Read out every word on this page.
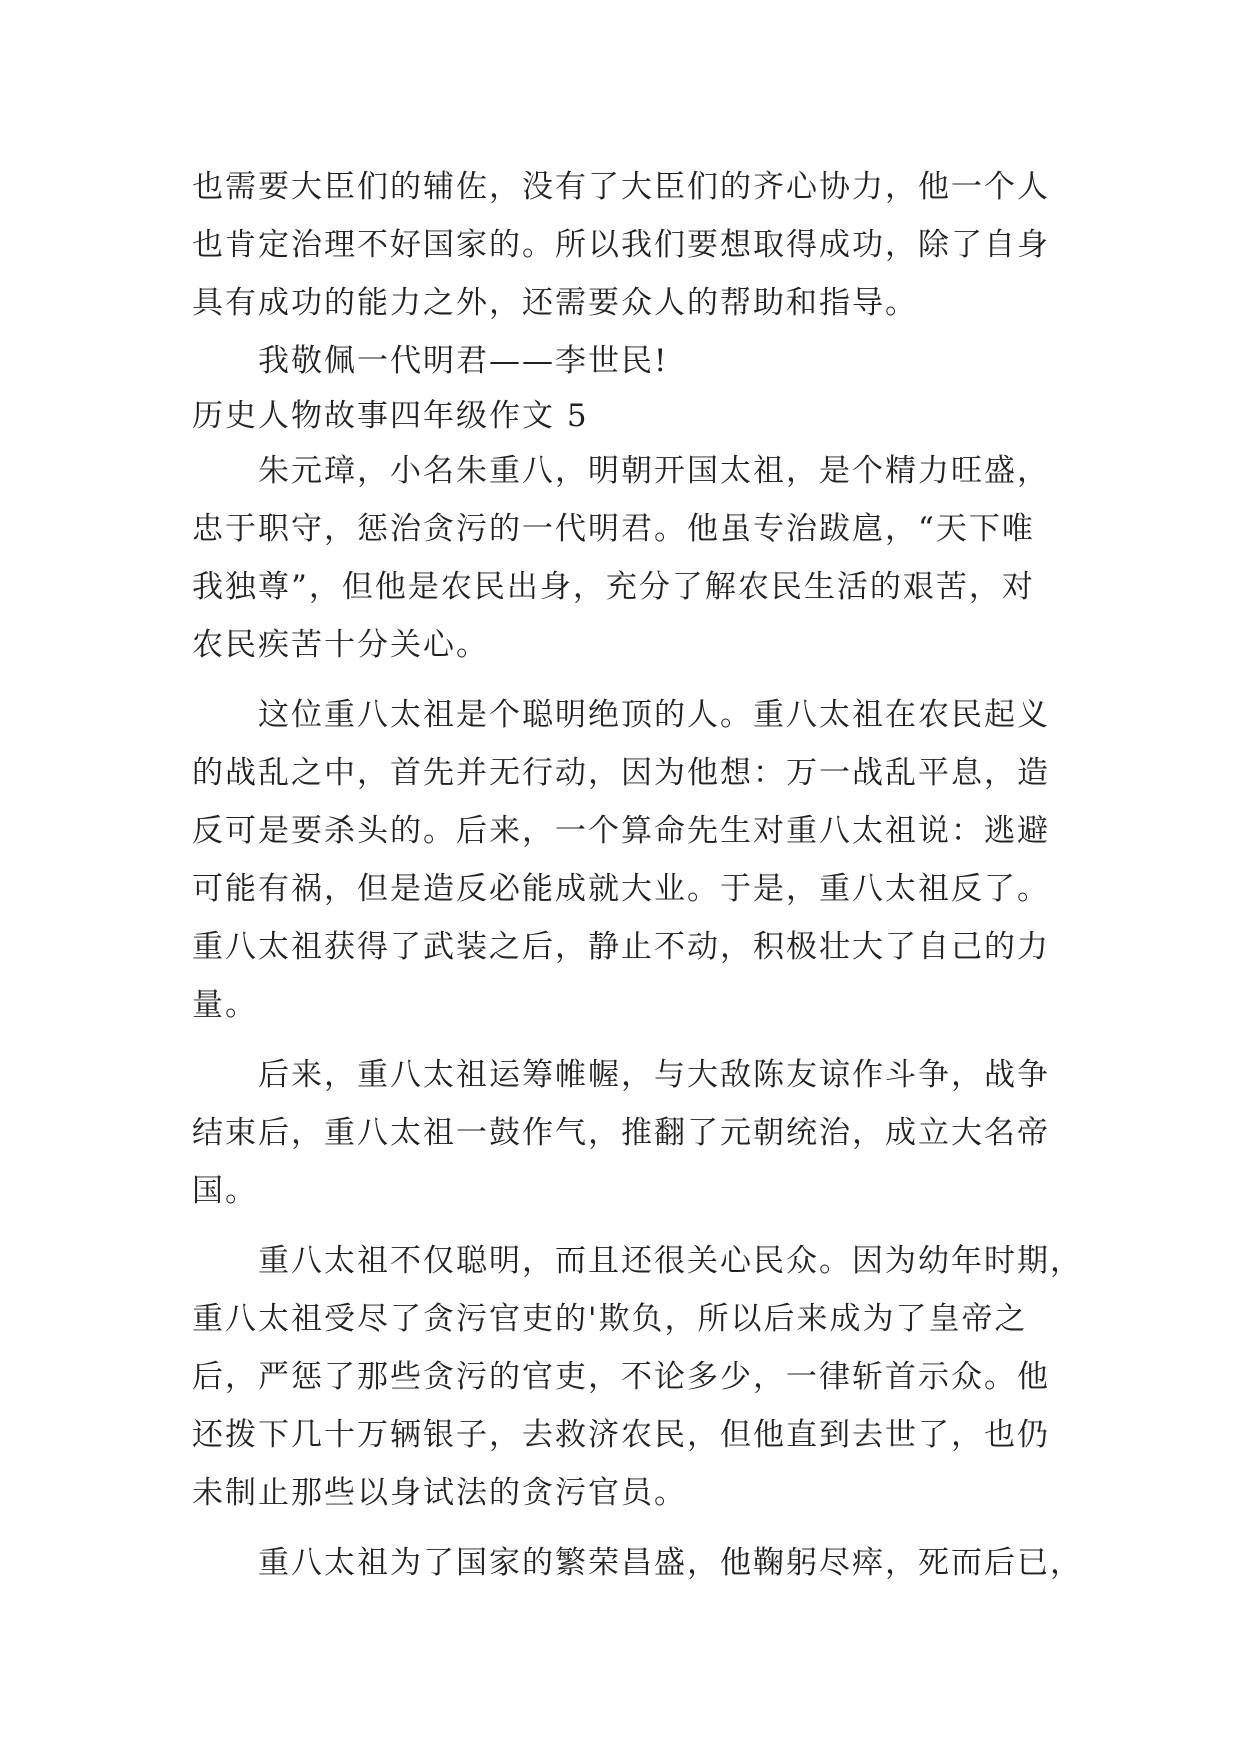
也需要大臣们的辅佐，没有了大臣们的齐心协力，他一个人
也肯定治理不好国家的。所以我们要想取得成功，除了自身
具有成功的能力之外，还需要众人的帮助和指导。
我敬佩一代明君——李世民!
历史人物故事四年级作文 5
朱元璋，小名朱重八，明朝开国太祖，是个精力旺盛，
忠于职守，惩治贪污的一代明君。他虽专治跋扈，“天下唯
我独尊”，但他是农民出身，充分了解农民生活的艰苦，对
农民疾苦十分关心。
这位重八太祖是个聪明绝顶的人。重八太祖在农民起义
的战乱之中，首先并无行动，因为他想：万一战乱平息，造
反可是要杀头的。后来，一个算命先生对重八太祖说：逃避
可能有祸，但是造反必能成就大业。于是，重八太祖反了。
重八太祖获得了武装之后，静止不动，积极壮大了自己的力
量。
后来，重八太祖运筹帷幄，与大敌陈友谅作斗争，战争
结束后，重八太祖一鼓作气，推翻了元朝统治，成立大名帝
国。
重八太祖不仅聪明，而且还很关心民众。因为幼年时期，
重八太祖受尽了贪污官吏的'欺负，所以后来成为了皇帝之
后，严惩了那些贪污的官吏，不论多少，一律斩首示众。他
还拨下几十万辆银子，去救济农民，但他直到去世了，也仍
未制止那些以身试法的贪污官员。
重八太祖为了国家的繁荣昌盛，他鞠躬尽瘁，死而后已，
